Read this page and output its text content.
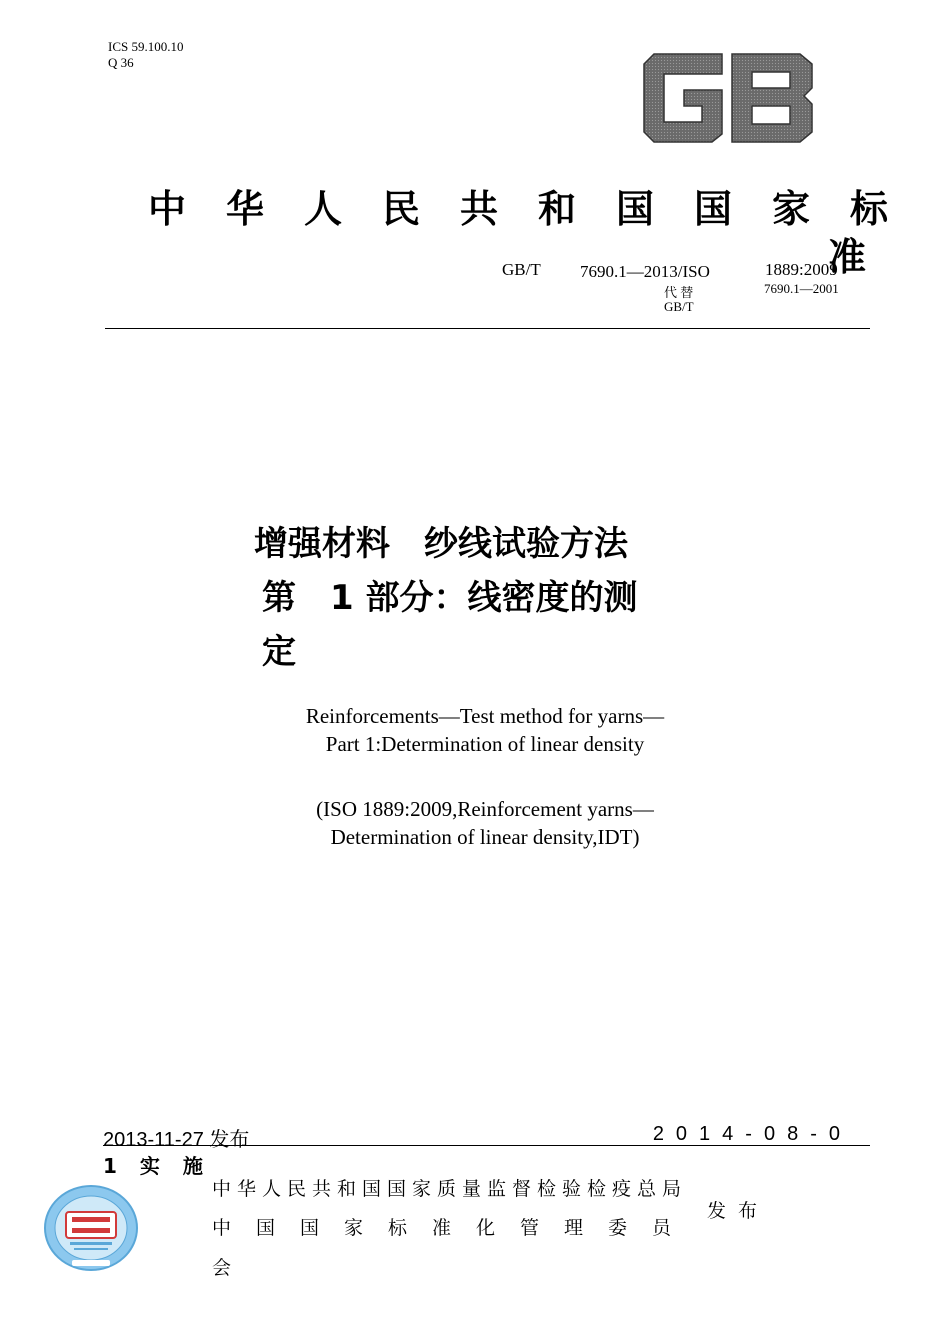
ICS 59.100.10
Q 36
中 华 人 民 共 和 国 国 家 标
准
GB/T 7690.1—2013/ISO	1889:2009
代 替	7690.1—2001
GB/T
增强材料　纱线试验方法
第　1 部分：线密度的测
定
Reinforcements—Test method for yarns—
Part 1:Determination of linear density
(ISO 1889:2009,Reinforcement yarns—
Determination of linear density,IDT)
2013-11-27 发布	2014-08-0
1 实 施
中华人民共和国国家质量监督检验检疫总局
中国国家标准化管理委员
会
发布
